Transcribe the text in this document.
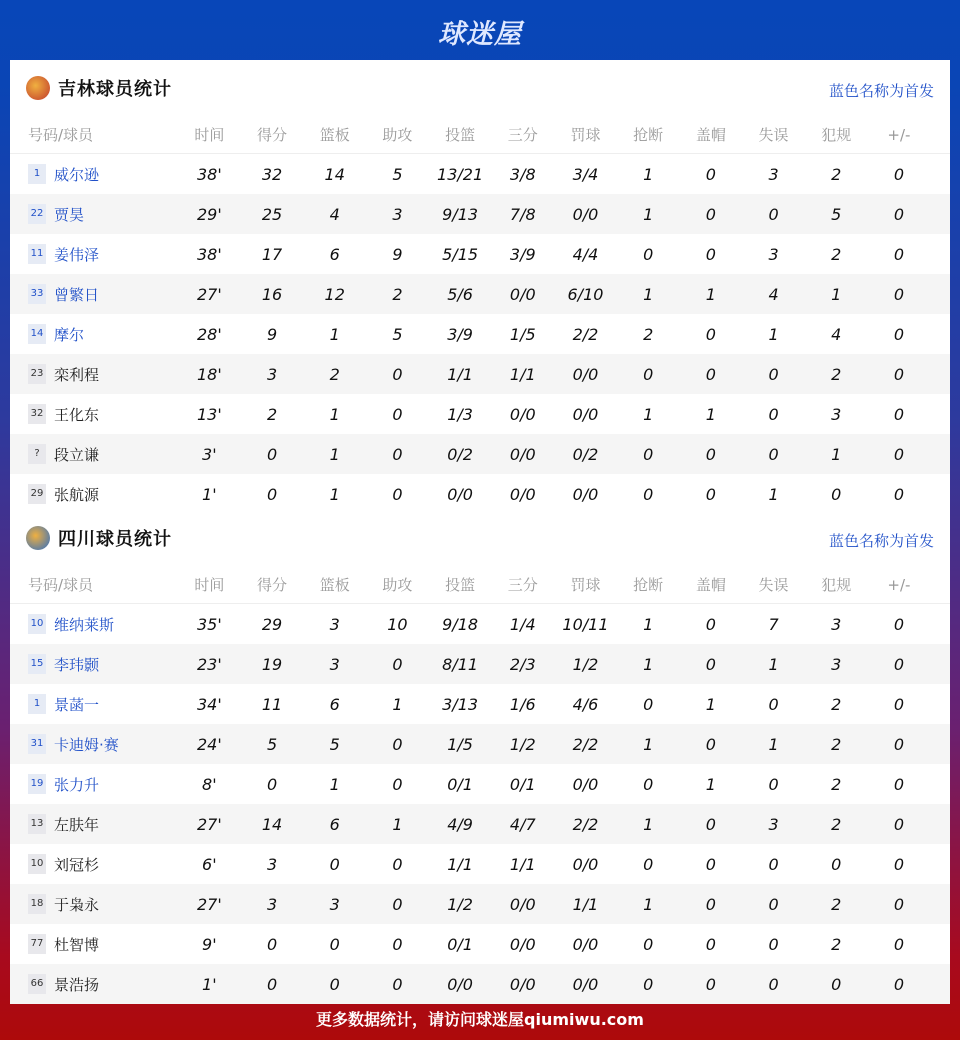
球迷屋
吉林球员统计	蓝色名称为首发
号码/球员	时间	得分	篮板	助攻	投篮	三分	罚球	抢断	盖帽	失误	犯规	+/-
1 威尔逊	38'	32	14	5	13/21	3/8	3/4	1	0	3	2	0
22 贾昊	29'	25	4	3	9/13	7/8	0/0	1	0	0	5	0
11 姜伟泽	38'	17	6	9	5/15	3/9	4/4	0	0	3	2	0
33 曾繁日	27'	16	12	2	5/6	0/0	6/10	1	1	4	1	0
14 摩尔	28'	9	1	5	3/9	1/5	2/2	2	0	1	4	0
23 栾利程	18'	3	2	0	1/1	1/1	0/0	0	0	0	2	0
32 王化东	13'	2	1	0	1/3	0/0	0/0	1	1	0	3	0
? 段立谦	3'	0	1	0	0/2	0/0	0/2	0	0	0	1	0
29 张航源	1'	0	1	0	0/0	0/0	0/0	0	0	1	0	0
四川球员统计	蓝色名称为首发
号码/球员	时间	得分	篮板	助攻	投篮	三分	罚球	抢断	盖帽	失误	犯规	+/-
10 维纳莱斯	35'	29	3	10	9/18	1/4	10/11	1	0	7	3	0
15 李玮颢	23'	19	3	0	8/11	2/3	1/2	1	0	1	3	0
1 景菡一	34'	11	6	1	3/13	1/6	4/6	0	1	0	2	0
31 卡迪姆·赛	24'	5	5	0	1/5	1/2	2/2	1	0	1	2	0
19 张力升	8'	0	1	0	0/1	0/1	0/0	0	1	0	2	0
13 左肤年	27'	14	6	1	4/9	4/7	2/2	1	0	3	2	0
10 刘冠杉	6'	3	0	0	1/1	1/1	0/0	0	0	0	0	0
18 于枭永	27'	3	3	0	1/2	0/0	1/1	1	0	0	2	0
77 杜智博	9'	0	0	0	0/1	0/0	0/0	0	0	0	2	0
66 景浩扬	1'	0	0	0	0/0	0/0	0/0	0	0	0	0	0
更多数据统计，请访问球迷屋qiumiwu.com
